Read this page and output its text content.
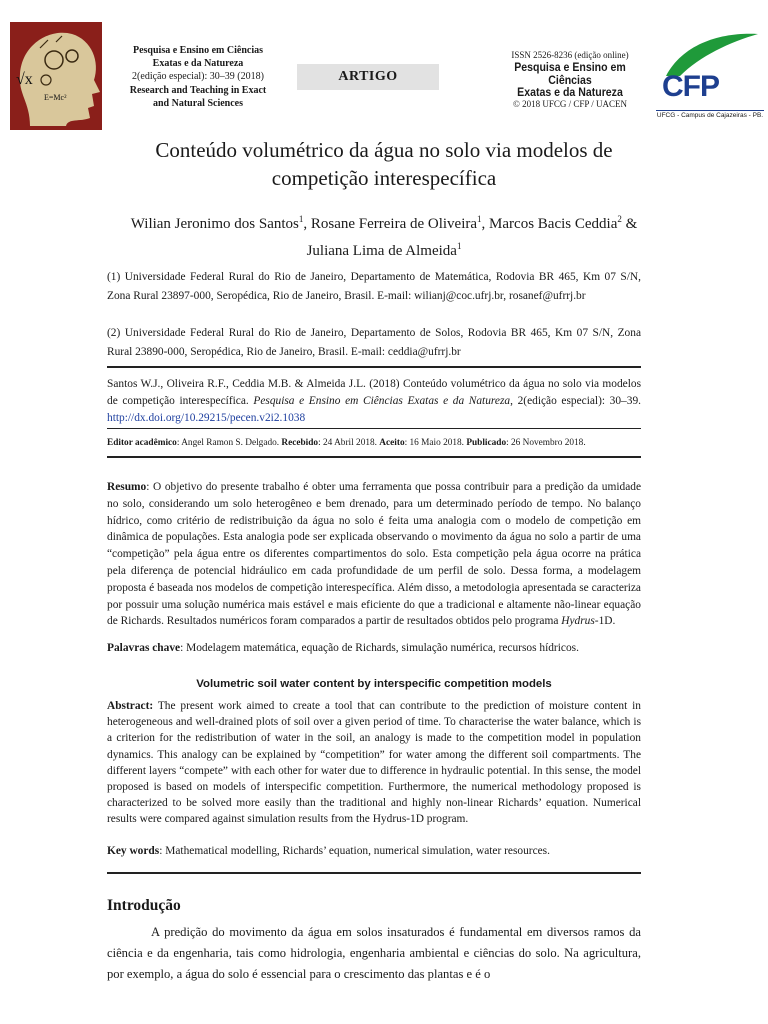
√x
E=Mc²
Pesquisa e Ensino em Ciências
Exatas e da Natureza
2(edição especial): 30–39 (2018)
Research and Teaching in Exact
and Natural Sciences
ARTIGO
ISSN 2526-8236 (edição online)
Pesquisa e Ensino em Ciências
Exatas e da Natureza
© 2018 UFCG / CFP / UACEN
CFP
UFCG - Campus de Cajazeiras - PB.
Conteúdo volumétrico da água no solo via modelos de
competição interespecífica
Wilian Jeronimo dos Santos$^1$, Rosane Ferreira de Oliveira$^1$, Marcos Bacis Ceddia$^2$ & Juliana Lima de Almeida$^1$
(1) Universidade Federal Rural do Rio de Janeiro, Departamento de Matemática, Rodovia BR 465, Km 07 S/N, Zona Rural 23897-000, Seropédica, Rio de Janeiro, Brasil. E-mail: wilianj@coc.ufrj.br, rosanef@ufrrj.br
(2) Universidade Federal Rural do Rio de Janeiro, Departamento de Solos, Rodovia BR 465, Km 07 S/N, Zona Rural 23890-000, Seropédica, Rio de Janeiro, Brasil. E-mail: ceddia@ufrrj.br
Santos W.J., Oliveira R.F., Ceddia M.B. & Almeida J.L. (2018) Conteúdo volumétrico da água no solo via modelos de competição interespecífica. Pesquisa e Ensino em Ciências Exatas e da Natureza, 2(edição especial): 30–39. http://dx.doi.org/10.29215/pecen.v2i2.1038
Editor acadêmico: Angel Ramon S. Delgado. Recebido: 24 Abril 2018. Aceito: 16 Maio 2018. Publicado: 26 Novembro 2018.
Resumo: O objetivo do presente trabalho é obter uma ferramenta que possa contribuir para a predição da umidade no solo, considerando um solo heterogêneo e bem drenado, para um determinado período de tempo. No balanço hídrico, como critério de redistribuição da água no solo é feita uma analogia com o modelo de competição em dinâmica de populações. Esta analogia pode ser explicada observando o movimento da água no solo a partir de uma “competição” pela água entre os diferentes compartimentos do solo. Esta competição pela água ocorre na prática pela diferença de potencial hidráulico em cada profundidade de um perfil de solo. Dessa forma, a modelagem proposta é baseada nos modelos de competição interespecífica. Além disso, a metodologia apresentada se caracteriza por possuir uma solução numérica mais estável e mais eficiente do que a tradicional e altamente não-linear equação de Richards. Resultados numéricos foram comparados a partir de resultados obtidos pelo programa Hydrus-1D.
Palavras chave: Modelagem matemática, equação de Richards, simulação numérica, recursos hídricos.
Volumetric soil water content by interspecific competition models
Abstract: The present work aimed to create a tool that can contribute to the prediction of moisture content in heterogeneous and well-drained plots of soil over a given period of time. To characterise the water balance, which is a criterion for the redistribution of water in the soil, an analogy is made to the competition model in population dynamics. This analogy can be explained by “competition” for water among the different soil compartments. The different layers “compete” with each other for water due to difference in hydraulic potential. In this sense, the model proposed is based on models of interspecific competition. Furthermore, the numerical methodology proposed is characterized to be solved more easily than the traditional and highly non-linear Richards’ equation. Numerical results were compared against simulation results from the Hydrus-1D program.
Key words: Mathematical modelling, Richards’ equation, numerical simulation, water resources.
Introdução
A predição do movimento da água em solos insaturados é fundamental em diversos ramos da ciência e da engenharia, tais como hidrologia, engenharia ambiental e ciências do solo. Na agricultura, por exemplo, a água do solo é essencial para o crescimento das plantas e é o
